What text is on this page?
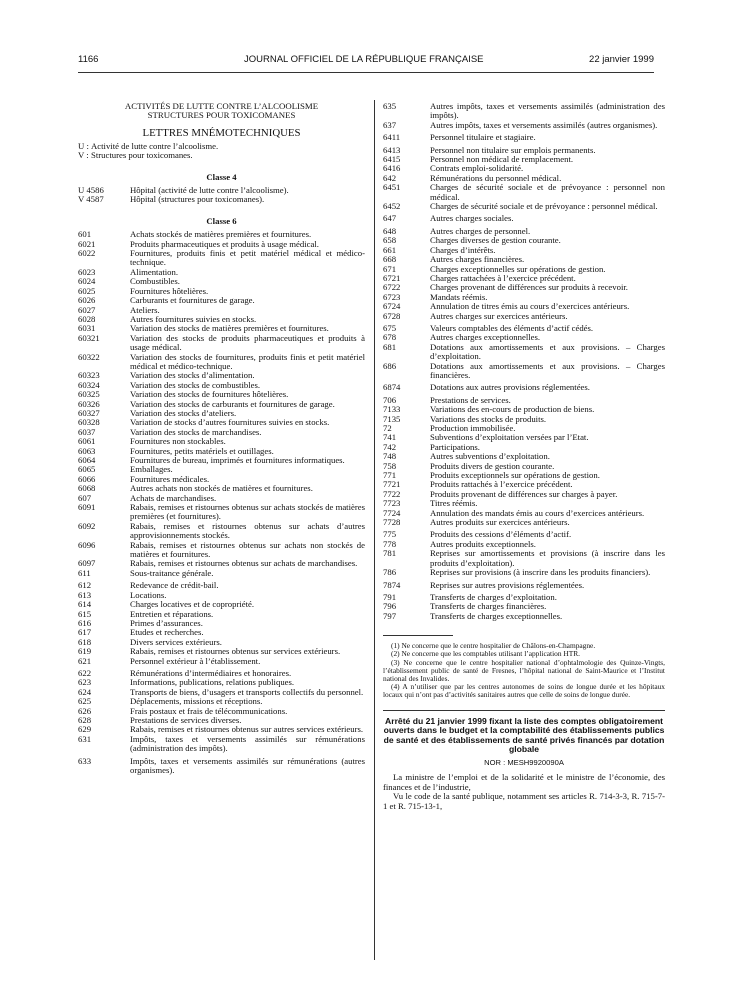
1166	JOURNAL OFFICIEL DE LA RÉPUBLIQUE FRANÇAISE	22 janvier 1999
ACTIVITÉS DE LUTTE CONTRE L’ALCOOLISME
STRUCTURES POUR TOXICOMANES
LETTRES MNÉMOTECHNIQUES
U : Activité de lutte contre l’alcoolisme.
V : Structures pour toxicomanes.
Classe 4
U 4586	Hôpital (activité de lutte contre l’alcoolisme).
V 4587	Hôpital (structures pour toxicomanes).
Classe 6
601	Achats stockés de matières premières et fournitures.
6021	Produits pharmaceutiques et produits à usage médical.
6022	Fournitures, produits finis et petit matériel médical et médico-technique.
6023	Alimentation.
6024	Combustibles.
6025	Fournitures hôtelières.
6026	Carburants et fournitures de garage.
6027	Ateliers.
6028	Autres fournitures suivies en stocks.
6031	Variation des stocks de matières premières et fournitures.
60321	Variation des stocks de produits pharmaceutiques et produits à usage médical.
60322	Variation des stocks de fournitures, produits finis et petit matériel médical et médico-technique.
60323	Variation des stocks d’alimentation.
60324	Variation des stocks de combustibles.
60325	Variation des stocks de fournitures hôtelières.
60326	Variation des stocks de carburants et fournitures de garage.
60327	Variation des stocks d’ateliers.
60328	Variation de stocks d’autres fournitures suivies en stocks.
6037	Variation des stocks de marchandises.
6061	Fournitures non stockables.
6063	Fournitures, petits matériels et outillages.
6064	Fournitures de bureau, imprimés et fournitures informatiques.
6065	Emballages.
6066	Fournitures médicales.
6068	Autres achats non stockés de matières et fournitures.
607	Achats de marchandises.
6091	Rabais, remises et ristournes obtenus sur achats stockés de matières premières (et fournitures).
6092	Rabais, remises et ristournes obtenus sur achats d’autres approvisionnements stockés.
6096	Rabais, remises et ristournes obtenus sur achats non stockés de matières et fournitures.
6097	Rabais, remises et ristournes obtenus sur achats de marchandises.
611	Sous-traitance générale.
612	Redevance de crédit-bail.
613	Locations.
614	Charges locatives et de copropriété.
615	Entretien et réparations.
616	Primes d’assurances.
617	Etudes et recherches.
618	Divers services extérieurs.
619	Rabais, remises et ristournes obtenus sur services extérieurs.
621	Personnel extérieur à l’établissement.
622	Rémunérations d’intermédiaires et honoraires.
623	Informations, publications, relations publiques.
624	Transports de biens, d’usagers et transports collectifs du personnel.
625	Déplacements, missions et réceptions.
626	Frais postaux et frais de télécommunications.
628	Prestations de services diverses.
629	Rabais, remises et ristournes obtenus sur autres services extérieurs.
631	Impôts, taxes et versements assimilés sur rémunérations (administration des impôts).
633	Impôts, taxes et versements assimilés sur rémunérations (autres organismes).
635	Autres impôts, taxes et versements assimilés (administration des impôts).
637	Autres impôts, taxes et versements assimilés (autres organismes).
6411	Personnel titulaire et stagiaire.
6413	Personnel non titulaire sur emplois permanents.
6415	Personnel non médical de remplacement.
6416	Contrats emploi-solidarité.
642	Rémunérations du personnel médical.
6451	Charges de sécurité sociale et de prévoyance : personnel non médical.
6452	Charges de sécurité sociale et de prévoyance : personnel médical.
647	Autres charges sociales.
648	Autres charges de personnel.
658	Charges diverses de gestion courante.
661	Charges d’intérêts.
668	Autres charges financières.
671	Charges exceptionnelles sur opérations de gestion.
6721	Charges rattachées à l’exercice précédent.
6722	Charges provenant de différences sur produits à recevoir.
6723	Mandats réémis.
6724	Annulation de titres émis au cours d’exercices antérieurs.
6728	Autres charges sur exercices antérieurs.
675	Valeurs comptables des éléments d’actif cédés.
678	Autres charges exceptionnelles.
681	Dotations aux amortissements et aux provisions. – Charges d’exploitation.
686	Dotations aux amortissements et aux provisions. – Charges financières.
6874	Dotations aux autres provisions réglementées.
706	Prestations de services.
7133	Variations des en-cours de production de biens.
7135	Variations des stocks de produits.
72	Production immobilisée.
741	Subventions d’exploitation versées par l’Etat.
742	Participations.
748	Autres subventions d’exploitation.
758	Produits divers de gestion courante.
771	Produits exceptionnels sur opérations de gestion.
7721	Produits rattachés à l’exercice précédent.
7722	Produits provenant de différences sur charges à payer.
7723	Titres réémis.
7724	Annulation des mandats émis au cours d’exercices antérieurs.
7728	Autres produits sur exercices antérieurs.
775	Produits des cessions d’éléments d’actif.
778	Autres produits exceptionnels.
781	Reprises sur amortissements et provisions (à inscrire dans les produits d’exploitation).
786	Reprises sur provisions (à inscrire dans les produits financiers).
7874	Reprises sur autres provisions réglementées.
791	Transferts de charges d’exploitation.
796	Transferts de charges financières.
797	Transferts de charges exceptionnelles.
(1) Ne concerne que le centre hospitalier de Châlons-en-Champagne.
(2) Ne concerne que les comptables utilisant l’application HTR.
(3) Ne concerne que le centre hospitalier national d’ophtalmologie des Quinze-Vingts, l’établissement public de santé de Fresnes, l’hôpital national de Saint-Maurice et l’Institut national des Invalides.
(4) A n’utiliser que par les centres autonomes de soins de longue durée et les hôpitaux locaux qui n’ont pas d’activités sanitaires autres que celle de soins de longue durée.
Arrêté du 21 janvier 1999 fixant la liste des comptes obligatoirement ouverts dans le budget et la comptabilité des établissements publics de santé et des établissements de santé privés financés par dotation globale
NOR : MESH9920090A
La ministre de l’emploi et de la solidarité et le ministre de l’économie, des finances et de l’industrie,
Vu le code de la santé publique, notamment ses articles R. 714-3-3, R. 715-7-1 et R. 715-13-1,
